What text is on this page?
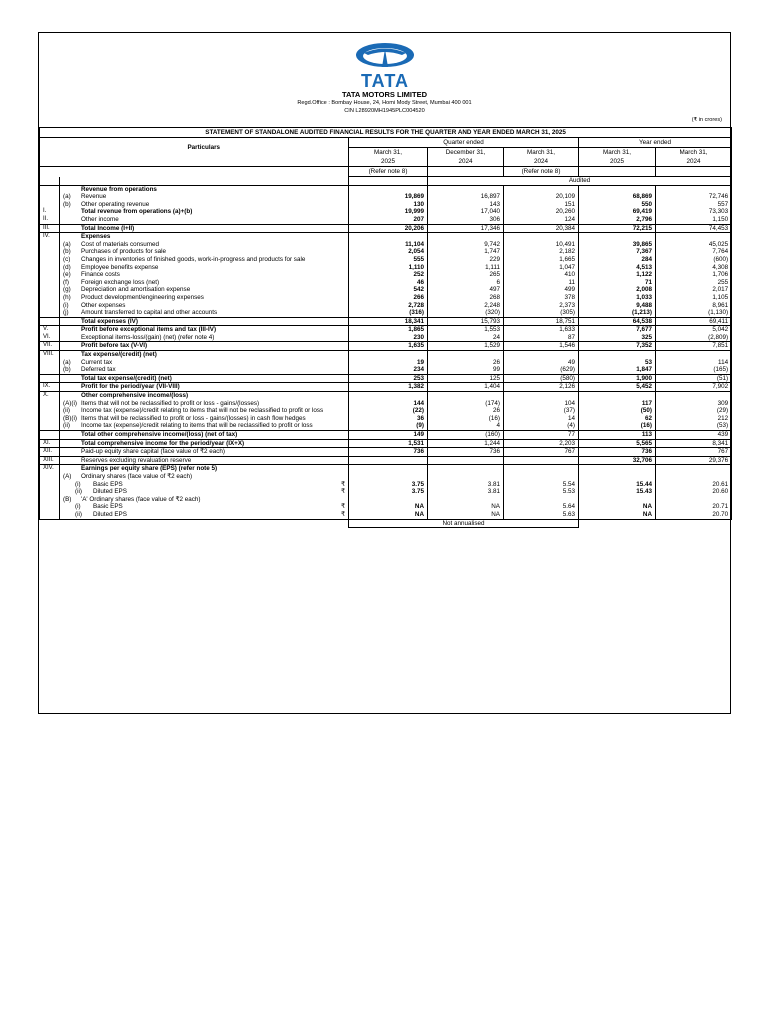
TATA
TATA MOTORS LIMITED
Regd.Office : Bombay House, 24, Homi Mody Street, Mumbai 400 001
CIN L28920MH1945PLC004520
(₹ in crores)
STATEMENT OF STANDALONE AUDITED FINANCIAL RESULTS FOR THE QUARTER AND YEAR ENDED MARCH 31, 2025						
	Particulars	Quarter ended			Year ended	
		March 31,	December 31,	March 31,	March 31,	March 31,
		2025	2024	2024	2025	2024
		(Refer note 8)		(Refer note 8)		
			Audited			

	Revenue from operations					

	(a) Revenue	19,869	16,897	20,109	68,869	72,746

	(b) Other operating revenue	130	143	151	550	557
I.	Total revenue from operations (a)+(b)	19,999	17,040	20,260	69,419	73,303
II.	Other income	207	306	124	2,796	1,150
III.	Total Income (I+II)	20,206	17,346	20,384	72,215	74,453
IV.	Expenses					

	(a) Cost of materials consumed	11,104	9,742	10,491	39,865	45,025

	(b) Purchases of products for sale	2,054	1,747	2,182	7,367	7,764

	(c) Changes in inventories of finished goods, work-in-progress and products for sale	555	229	1,665	284	(600)

	(d) Employee benefits expense	1,110	1,111	1,047	4,513	4,308

	(e) Finance costs	252	265	410	1,122	1,706

	(f) Foreign exchange loss (net)	46	6	11	71	255

	(g) Depreciation and amortisation expense	542	497	499	2,008	2,017

	(h) Product development/engineering expenses	266	268	378	1,033	1,105

	(i) Other expenses	2,728	2,248	2,373	9,488	8,961

	(j) Amount transferred to capital and other accounts	(316)	(320)	(305)	(1,213)	(1,130)

	Total expenses (IV)	18,341	15,793	18,751	64,538	69,411
V.	Profit before exceptional items and tax (III-IV)	1,865	1,553	1,633	7,677	5,042
VI.	Exceptional items-loss/(gain) (net) (refer note 4)	230	24	87	325	(2,809)
VII.	Profit before tax (V-VI)	1,635	1,529	1,546	7,352	7,851
VIII.	Tax expense/(credit) (net)					

	(a) Current tax	19	26	49	53	114

	(b) Deferred tax	234	99	(629)	1,847	(165)

	Total tax expense/(credit) (net)	253	125	(580)	1,900	(51)
IX.	Profit for the period/year (VII-VIII)	1,382	1,404	2,126	5,452	7,902
X.	Other comprehensive income/(loss)					

	(A)(i) Items that will not be reclassified to profit or loss - gains/(losses)	144	(174)	104	117	309

	(ii) Income tax (expense)/credit relating to items that will not be reclassified to profit or loss	(22)	26	(37)	(50)	(29)

	(B)(i) Items that will be reclassified to profit or loss - gains/(losses) in cash flow hedges	36	(16)	14	62	212

	(ii) Income tax (expense)/credit relating to items that will be reclassified to profit or loss	(9)	4	(4)	(16)	(53)

	Total other comprehensive income/(loss) (net of tax)	149	(160)	77	113	439
XI.	Total comprehensive income for the period/year (IX+X)	1,531	1,244	2,203	5,565	8,341
XII.	Paid-up equity share capital (face value of ₹2 each)	736	736	767	736	767
XIII.	Reserves excluding revaluation reserve				32,706	29,376
XIV.	Earnings per equity share (EPS) (refer note 5)					

	(A) Ordinary shares (face value of ₹2 each)					

	(i) Basic EPS ₹	3.75	3.81	5.54	15.44	20.61

	(ii) Diluted EPS ₹	3.75	3.81	5.53	15.43	20.60

	(B) 'A' Ordinary shares (face value of ₹2 each)					

	(i) Basic EPS ₹	NA	NA	5.64	NA	20.71

	(ii) Diluted EPS ₹	NA	NA	5.63	NA	20.70
		Not annualised				
